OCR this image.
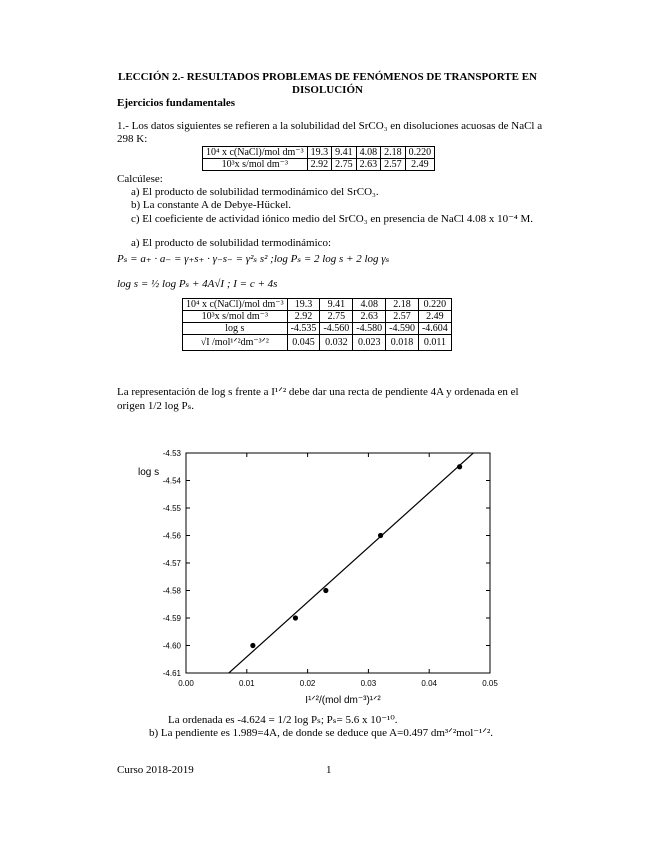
LECCIÓN 2.- RESULTADOS PROBLEMAS DE FENÓMENOS DE TRANSPORTE EN
DISOLUCIÓN
Ejercicios fundamentales
1.- Los datos siguientes se refieren a la solubilidad del SrCO₃ en disoluciones acuosas de NaCl a
298 K:
10⁴ x c(NaCl)/mol dm⁻³	19.3	9.41	4.08	2.18	0.220
10³x s/mol dm⁻³	2.92	2.75	2.63	2.57	2.49
Calcúlese:
a) El producto de solubilidad termodinámico del SrCO₃.
b) La constante A de Debye-Hückel.
c) El coeficiente de actividad iónico medio del SrCO₃ en presencia de NaCl 4.08 x 10⁻⁴ M.
a) El producto de solubilidad termodinámico:
Pₛ = a₊ · a₋ = γ₊s₊ · γ₋s₋ = γ²ₛ s² ;log Pₛ = 2 log s + 2 log γₛ
log s = ½ log Pₛ + 4A√I ; I = c + 4s
10⁴ x c(NaCl)/mol dm⁻³	19.3	9.41	4.08	2.18	0.220
10³x s/mol dm⁻³	2.92	2.75	2.63	2.57	2.49
log s	-4.535	-4.560	-4.580	-4.590	-4.604
√I /mol¹ᐟ²dm⁻³ᐟ²	0.045	0.032	0.023	0.018	0.011
La representación de log s frente a I¹ᐟ² debe dar una recta de pendiente 4A y ordenada en el
origen 1/2 log Pₛ.
0.00	0.01	0.02	0.03	0.04	0.05
-4.53
-4.54
-4.55
-4.56
-4.57
-4.58
-4.59
-4.60
-4.61
log s
I¹ᐟ²/(mol dm⁻³)¹ᐟ²
La ordenada es -4.624 = 1/2 log Pₛ; Pₛ= 5.6 x 10⁻¹⁰.
b) La pendiente es 1.989=4A, de donde se deduce que A=0.497 dm³ᐟ²mol⁻¹ᐟ².
Curso 2018-2019	1
